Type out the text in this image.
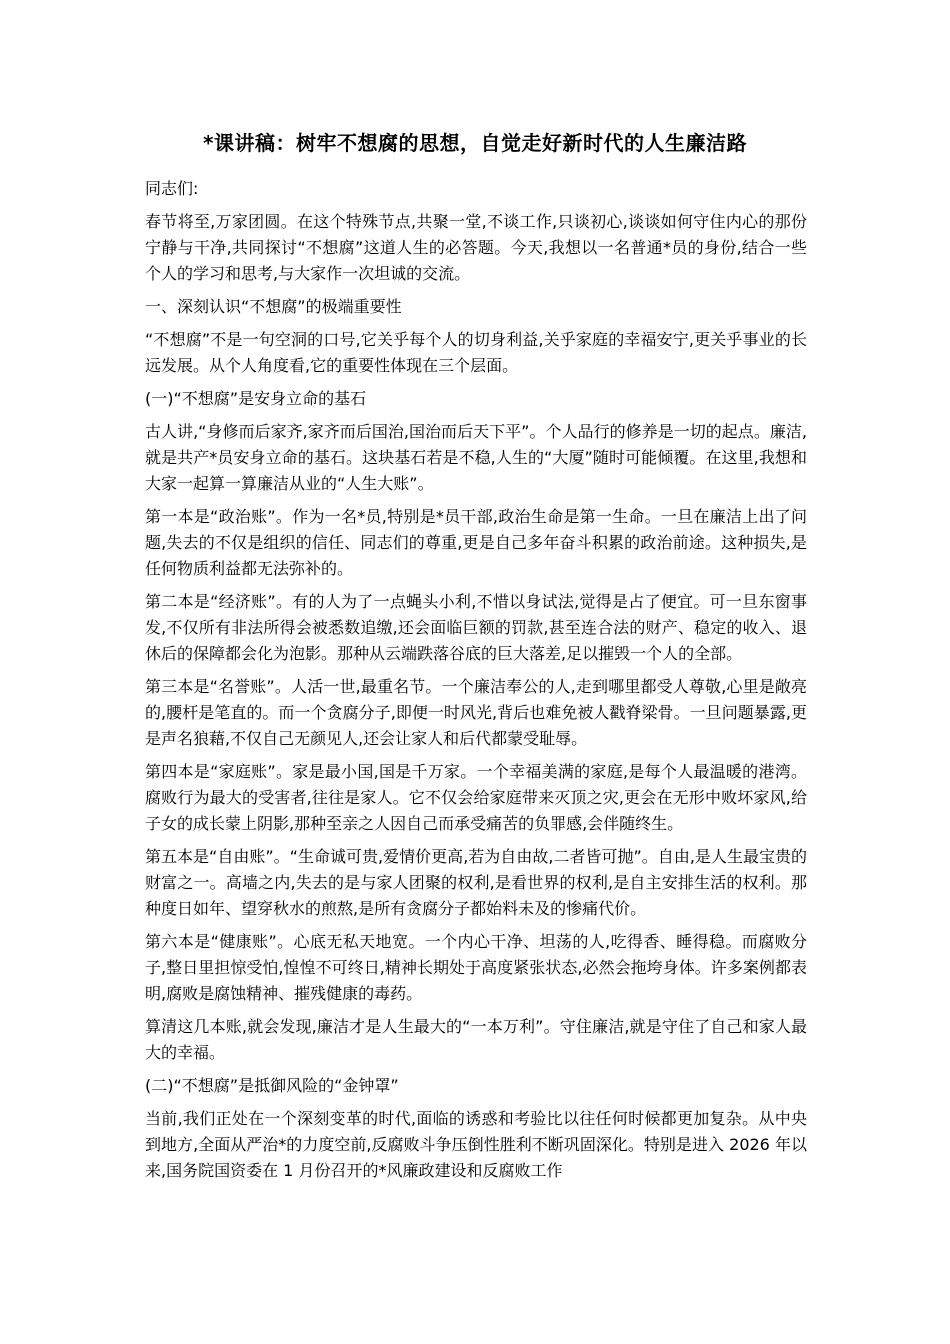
*课讲稿：树牢不想腐的思想，自觉走好新时代的人生廉洁路

同志们:

春节将至,万家团圆。在这个特殊节点,共聚一堂,不谈工作,只谈初心,谈谈如何守住内心的那份宁静与干净,共同探讨“不想腐”这道人生的必答题。今天,我想以一名普通*员的身份,结合一些个人的学习和思考,与大家作一次坦诚的交流。

一、深刻认识“不想腐”的极端重要性

“不想腐”不是一句空洞的口号,它关乎每个人的切身利益,关乎家庭的幸福安宁,更关乎事业的长远发展。从个人角度看,它的重要性体现在三个层面。

(一)“不想腐”是安身立命的基石

古人讲,“身修而后家齐,家齐而后国治,国治而后天下平”。个人品行的修养是一切的起点。廉洁,就是共产*员安身立命的基石。这块基石若是不稳,人生的“大厦”随时可能倾覆。在这里,我想和大家一起算一算廉洁从业的“人生大账”。

第一本是“政治账”。作为一名*员,特别是*员干部,政治生命是第一生命。一旦在廉洁上出了问题,失去的不仅是组织的信任、同志们的尊重,更是自己多年奋斗积累的政治前途。这种损失,是任何物质利益都无法弥补的。

第二本是“经济账”。有的人为了一点蝇头小利,不惜以身试法,觉得是占了便宜。可一旦东窗事发,不仅所有非法所得会被悉数追缴,还会面临巨额的罚款,甚至连合法的财产、稳定的收入、退休后的保障都会化为泡影。那种从云端跌落谷底的巨大落差,足以摧毁一个人的全部。

第三本是“名誉账”。人活一世,最重名节。一个廉洁奉公的人,走到哪里都受人尊敬,心里是敞亮的,腰杆是笔直的。而一个贪腐分子,即便一时风光,背后也难免被人戳脊梁骨。一旦问题暴露,更是声名狼藉,不仅自己无颜见人,还会让家人和后代都蒙受耻辱。

第四本是“家庭账”。家是最小国,国是千万家。一个幸福美满的家庭,是每个人最温暖的港湾。腐败行为最大的受害者,往往是家人。它不仅会给家庭带来灭顶之灾,更会在无形中败坏家风,给子女的成长蒙上阴影,那种至亲之人因自己而承受痛苦的负罪感,会伴随终生。

第五本是“自由账”。“生命诚可贵,爱情价更高,若为自由故,二者皆可抛”。自由,是人生最宝贵的财富之一。高墙之内,失去的是与家人团聚的权利,是看世界的权利,是自主安排生活的权利。那种度日如年、望穿秋水的煎熬,是所有贪腐分子都始料未及的惨痛代价。

第六本是“健康账”。心底无私天地宽。一个内心干净、坦荡的人,吃得香、睡得稳。而腐败分子,整日里担惊受怕,惶惶不可终日,精神长期处于高度紧张状态,必然会拖垮身体。许多案例都表明,腐败是腐蚀精神、摧残健康的毒药。

算清这几本账,就会发现,廉洁才是人生最大的“一本万利”。守住廉洁,就是守住了自己和家人最大的幸福。

(二)“不想腐”是抵御风险的“金钟罩”

当前,我们正处在一个深刻变革的时代,面临的诱惑和考验比以往任何时候都更加复杂。从中央到地方,全面从严治*的力度空前,反腐败斗争压倒性胜利不断巩固深化。特别是进入 2026 年以来,国务院国资委在 1 月份召开的*风廉政建设和反腐败工作
